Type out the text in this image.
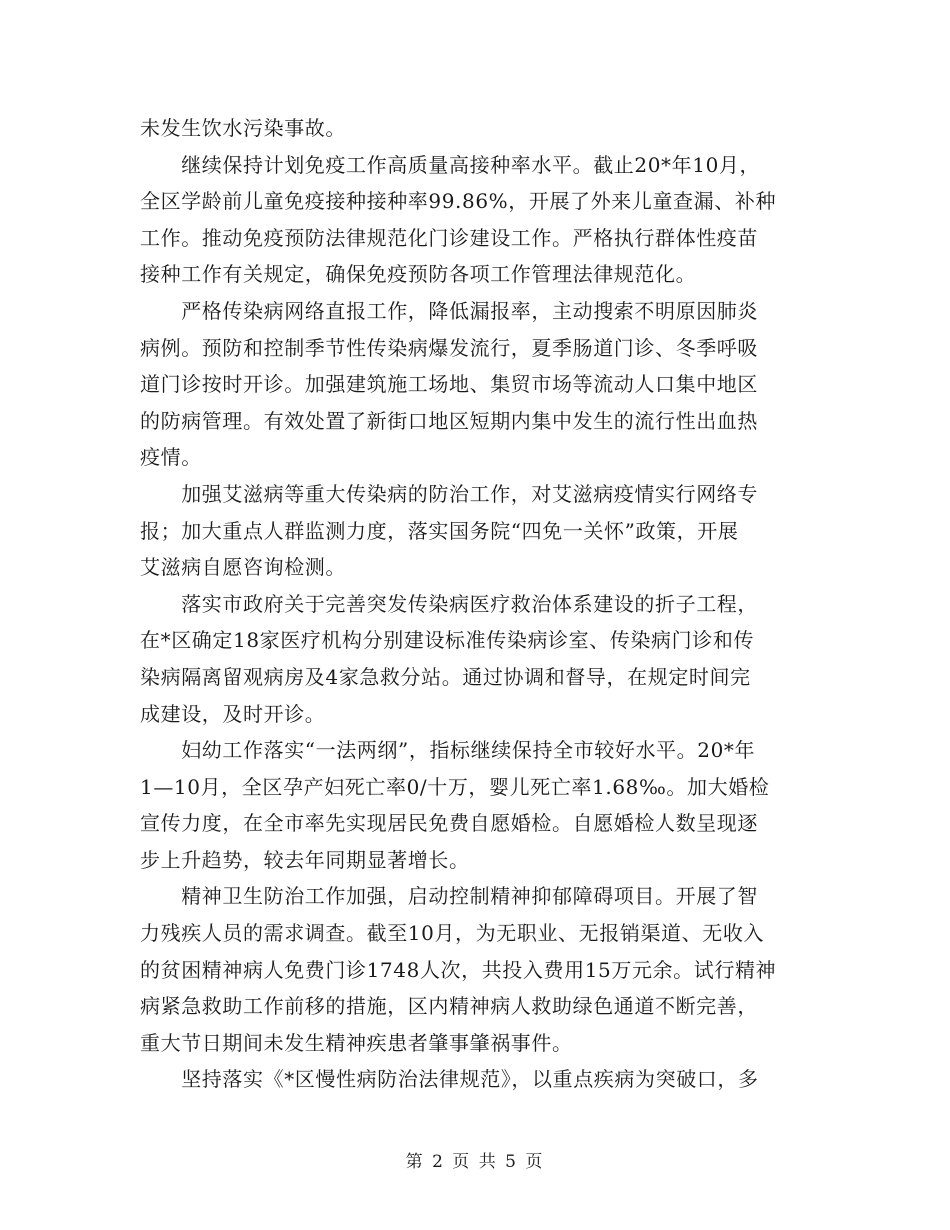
未发生饮水污染事故。
　　继续保持计划免疫工作高质量高接种率水平。截止20*年10月，
全区学龄前儿童免疫接种接种率99.86%，开展了外来儿童查漏、补种
工作。推动免疫预防法律规范化门诊建设工作。严格执行群体性疫苗
接种工作有关规定，确保免疫预防各项工作管理法律规范化。
　　严格传染病网络直报工作，降低漏报率，主动搜索不明原因肺炎
病例。预防和控制季节性传染病爆发流行，夏季肠道门诊、冬季呼吸
道门诊按时开诊。加强建筑施工场地、集贸市场等流动人口集中地区
的防病管理。有效处置了新街口地区短期内集中发生的流行性出血热
疫情。
　　加强艾滋病等重大传染病的防治工作，对艾滋病疫情实行网络专
报；加大重点人群监测力度，落实国务院“四免一关怀”政策，开展
艾滋病自愿咨询检测。
　　落实市政府关于完善突发传染病医疗救治体系建设的折子工程，
在*区确定18家医疗机构分别建设标准传染病诊室、传染病门诊和传
染病隔离留观病房及4家急救分站。通过协调和督导，在规定时间完
成建设，及时开诊。
　　妇幼工作落实“一法两纲”，指标继续保持全市较好水平。20*年
1—10月，全区孕产妇死亡率0/十万，婴儿死亡率1.68‰。加大婚检
宣传力度，在全市率先实现居民免费自愿婚检。自愿婚检人数呈现逐
步上升趋势，较去年同期显著增长。
　　精神卫生防治工作加强，启动控制精神抑郁障碍项目。开展了智
力残疾人员的需求调查。截至10月，为无职业、无报销渠道、无收入
的贫困精神病人免费门诊1748人次，共投入费用15万元余。试行精神
病紧急救助工作前移的措施，区内精神病人救助绿色通道不断完善，
重大节日期间未发生精神疾患者肇事肇祸事件。
　　坚持落实《*区慢性病防治法律规范》，以重点疾病为突破口，多
第 2 页 共 5 页
